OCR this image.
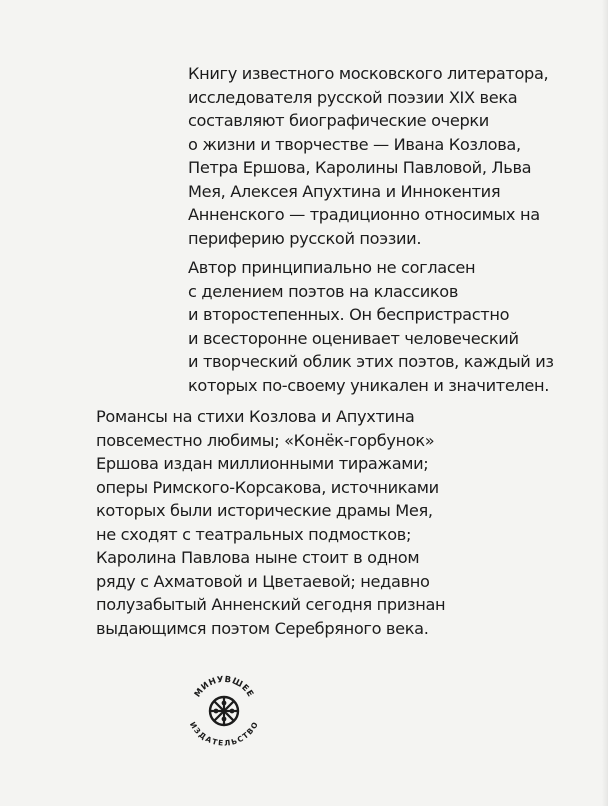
Книгу известного московского литератора,
исследователя русской поэзии XIX века
составляют биографические очерки
о жизни и творчестве — Ивана Козлова,
Петра Ершова, Каролины Павловой, Льва
Мея, Алексея Апухтина и Иннокентия
Анненского — традиционно относимых на
периферию русской поэзии.

Автор принципиально не согласен
с делением поэтов на классиков
и второстепенных. Он беспристрастно
и всесторонне оценивает человеческий
и творческий облик этих поэтов, каждый из
которых по-своему уникален и значителен.

Романсы на стихи Козлова и Апухтина
повсеместно любимы; «Конёк-горбунок»
Ершова издан миллионными тиражами;
оперы Римского-Корсакова, источниками
которых были исторические драмы Мея,
не сходят с театральных подмостков;
Каролина Павлова ныне стоит в одном
ряду с Ахматовой и Цветаевой; недавно
полузабытый Анненский сегодня признан
выдающимся поэтом Серебряного века.

МИНУВШЕЕ
ИЗДАТЕЛЬСТВО
